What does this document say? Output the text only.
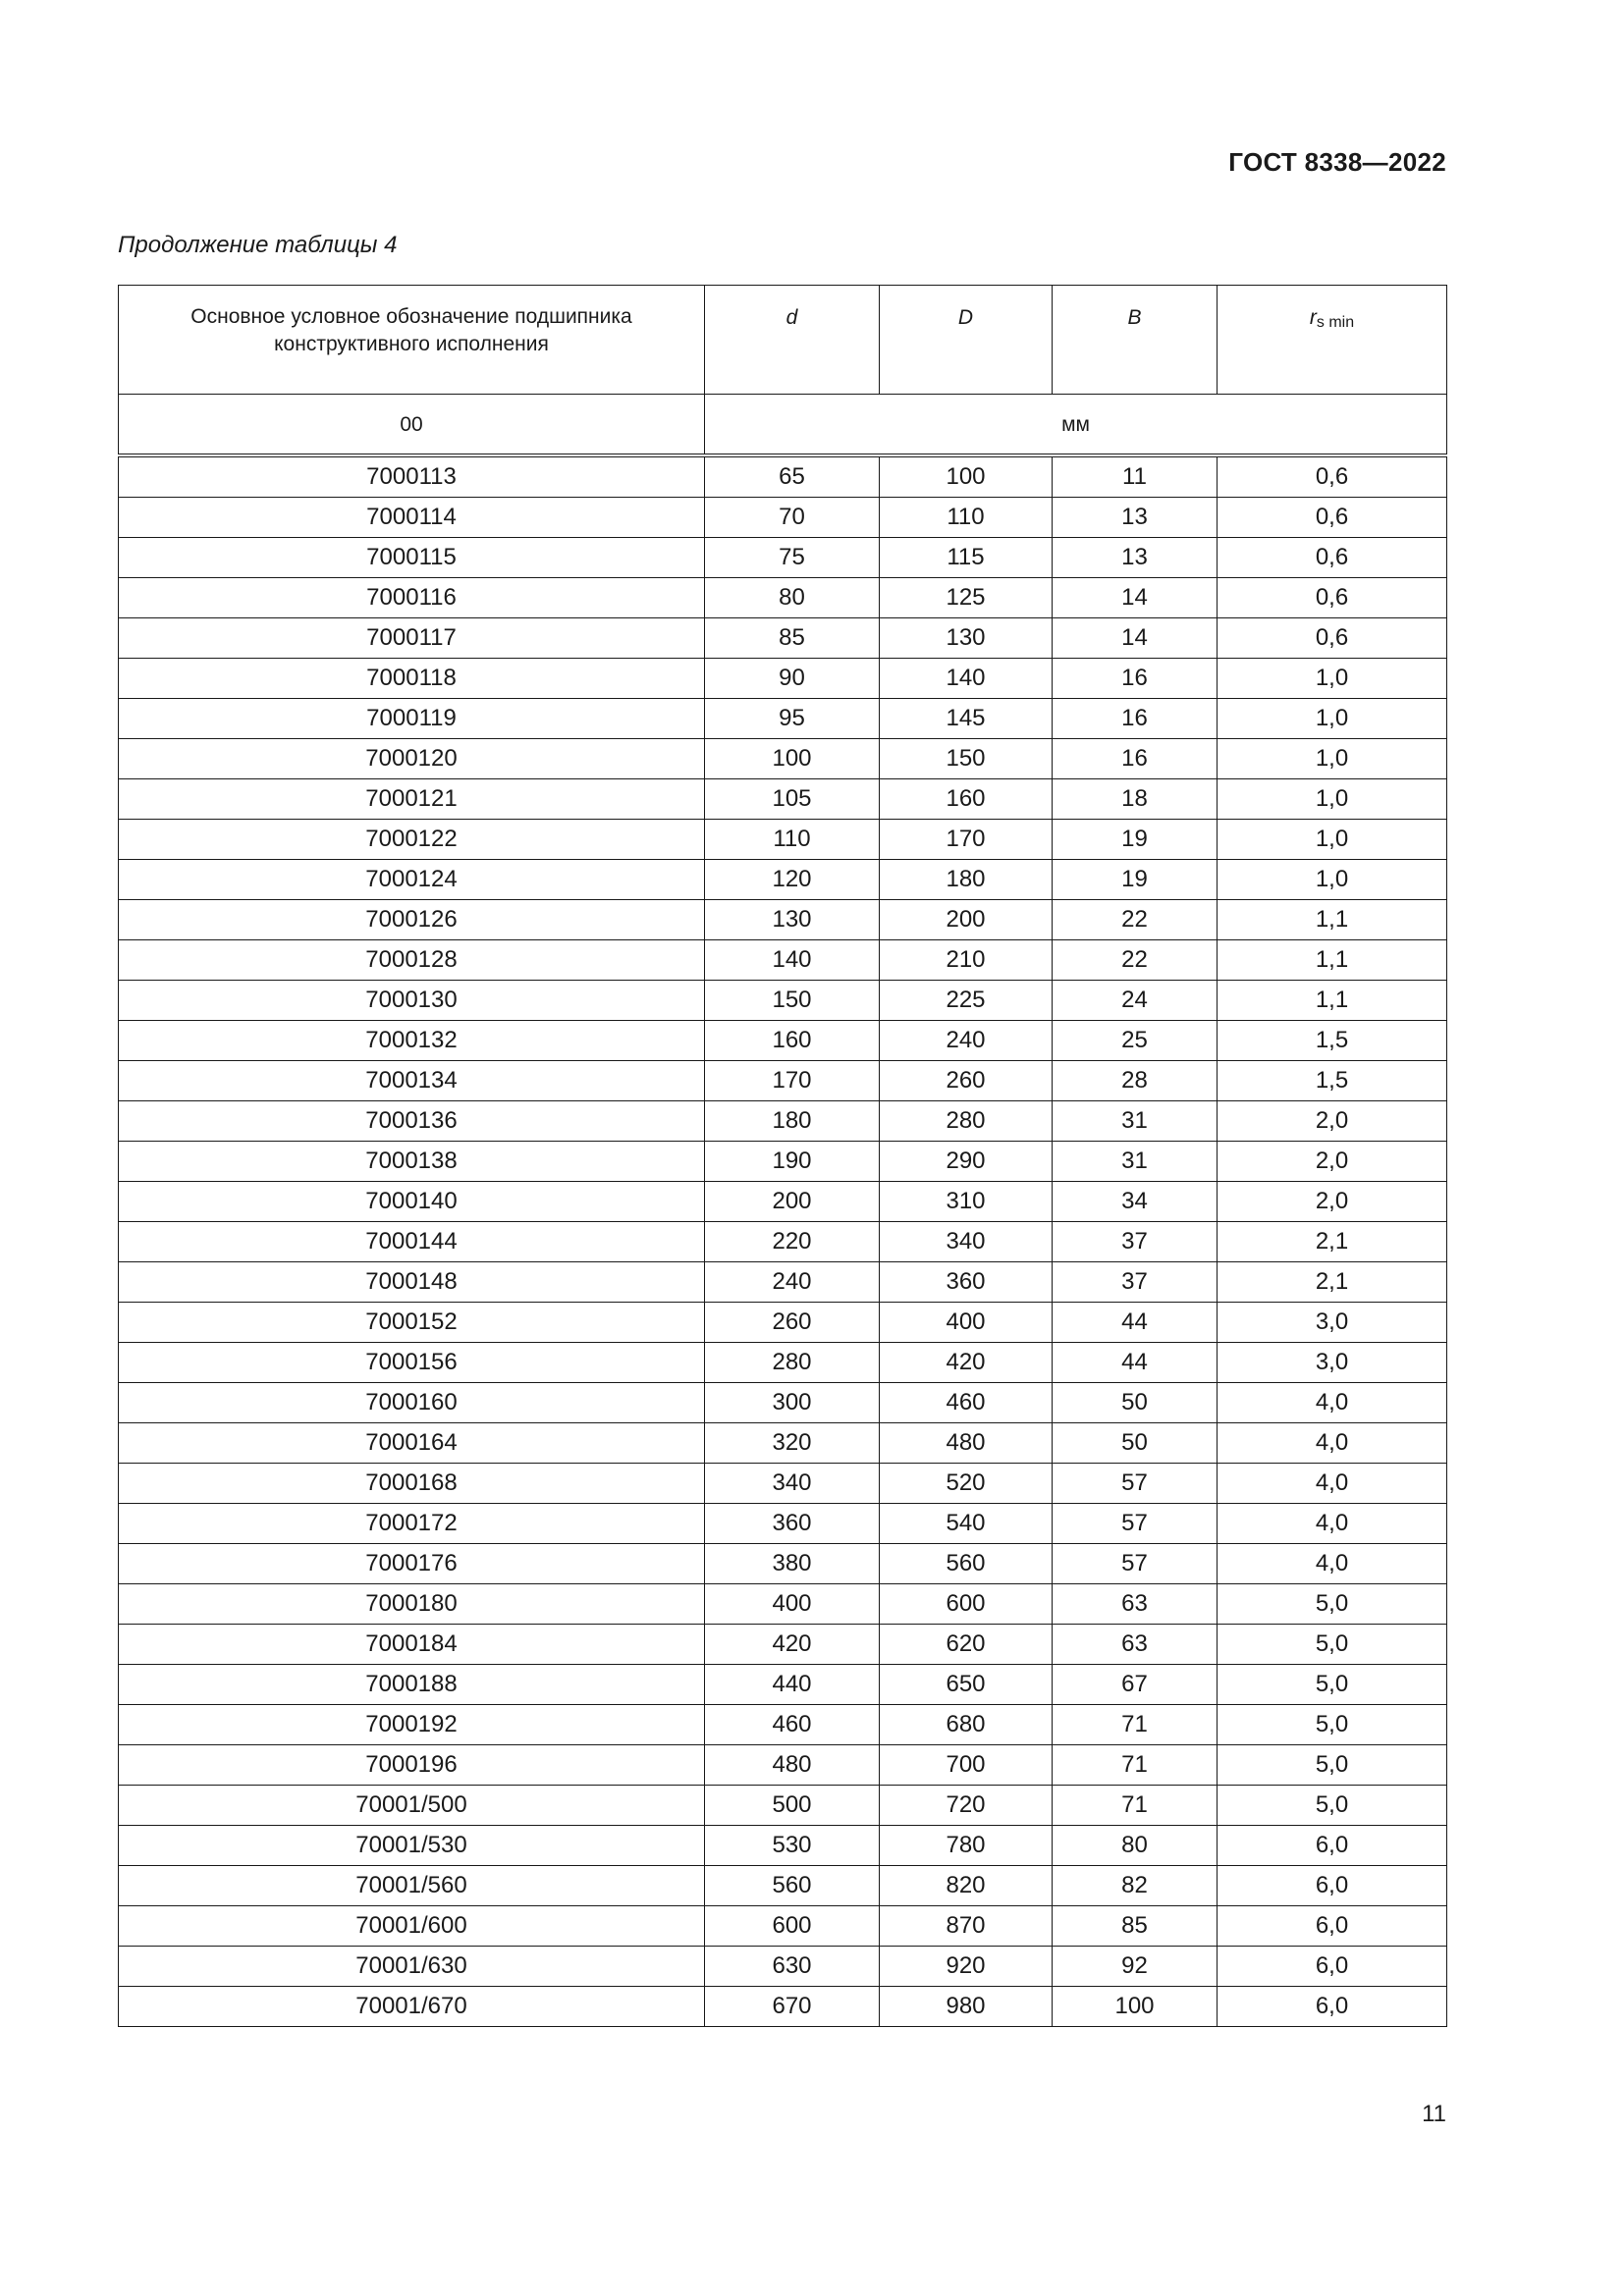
ГОСТ 8338—2022
Продолжение таблицы 4
Основное условное обозначение подшипника конструктивного исполнения	d	D	B	$r_{s min}$
00	мм			
7000113	65	100	11	0,6
7000114	70	110	13	0,6
7000115	75	115	13	0,6
7000116	80	125	14	0,6
7000117	85	130	14	0,6
7000118	90	140	16	1,0
7000119	95	145	16	1,0
7000120	100	150	16	1,0
7000121	105	160	18	1,0
7000122	110	170	19	1,0
7000124	120	180	19	1,0
7000126	130	200	22	1,1
7000128	140	210	22	1,1
7000130	150	225	24	1,1
7000132	160	240	25	1,5
7000134	170	260	28	1,5
7000136	180	280	31	2,0
7000138	190	290	31	2,0
7000140	200	310	34	2,0
7000144	220	340	37	2,1
7000148	240	360	37	2,1
7000152	260	400	44	3,0
7000156	280	420	44	3,0
7000160	300	460	50	4,0
7000164	320	480	50	4,0
7000168	340	520	57	4,0
7000172	360	540	57	4,0
7000176	380	560	57	4,0
7000180	400	600	63	5,0
7000184	420	620	63	5,0
7000188	440	650	67	5,0
7000192	460	680	71	5,0
7000196	480	700	71	5,0
70001/500	500	720	71	5,0
70001/530	530	780	80	6,0
70001/560	560	820	82	6,0
70001/600	600	870	85	6,0
70001/630	630	920	92	6,0
70001/670	670	980	100	6,0
11
